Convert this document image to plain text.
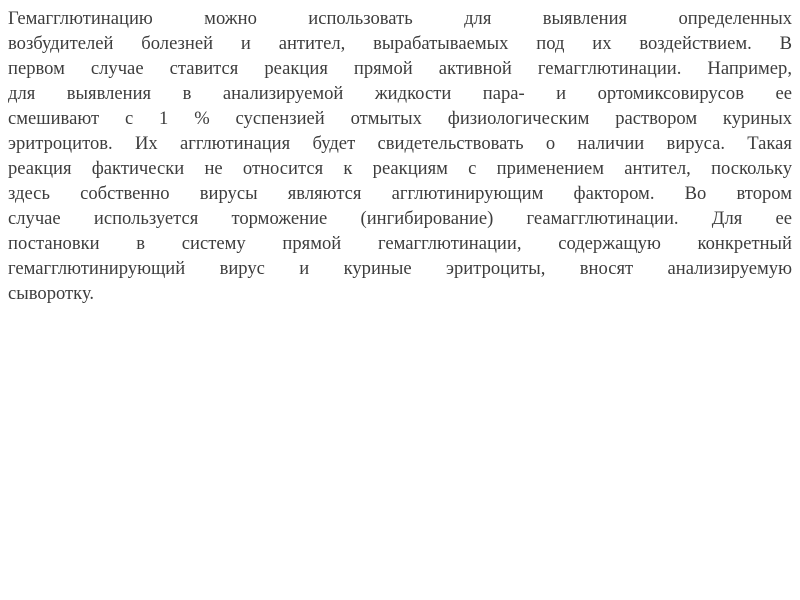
Гемагглютинацию можно использовать для выявления определенных
возбудителей болезней и антител, вырабатываемых под их воздействием. В
первом случае ставится реакция прямой активной гемагглютинации. Например,
для выявления в анализируемой жидкости пара- и ортомиксовирусов ее
смешивают с 1 % суспензией отмытых физиологическим раствором куриных
эритроцитов. Их агглютинация будет свидетельствовать о наличии вируса. Такая
реакция фактически не относится к реакциям с применением антител, поскольку
здесь собственно вирусы являются агглютинирующим фактором. Во втором
случае используется торможение (ингибирование) геамагглютинации. Для ее
постановки в систему прямой гемагглютинации, содержащую конкретный
гемагглютинирующий вирус и куриные эритроциты, вносят анализируемую
сыворотку.
